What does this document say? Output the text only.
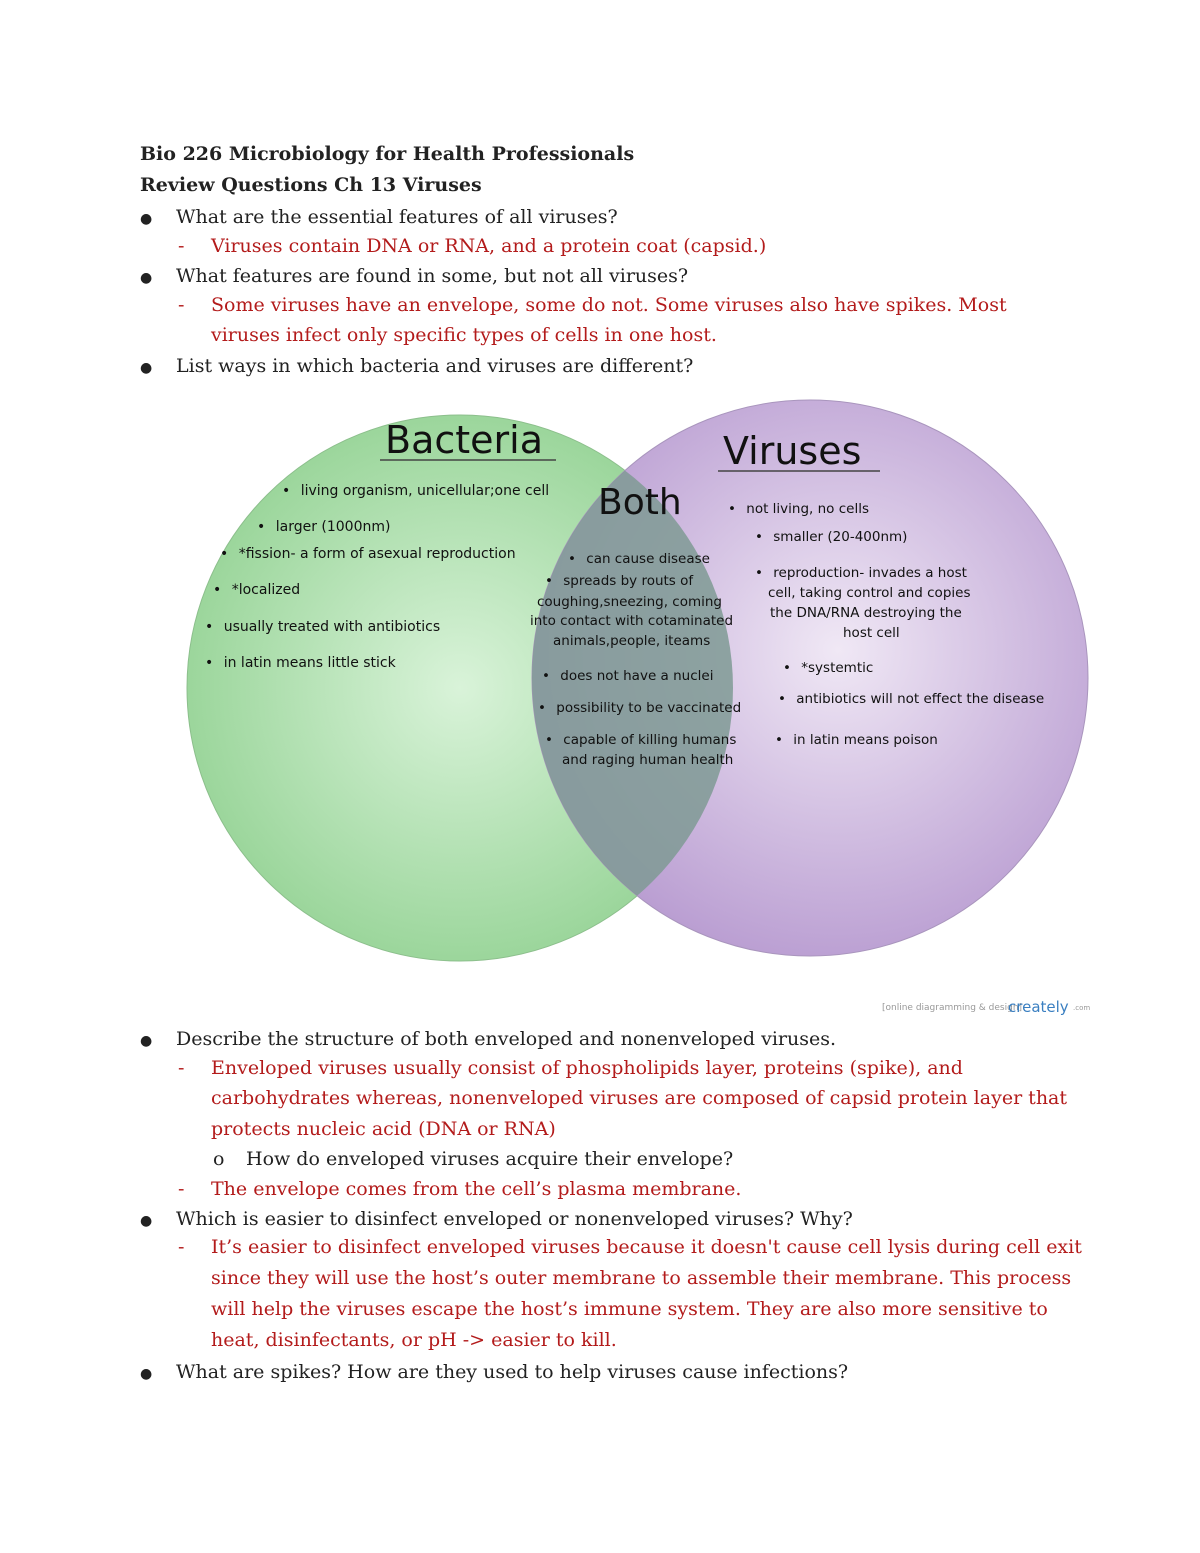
Bio 226 Microbiology for Health Professionals
Review Questions Ch 13 Viruses
● What are the essential features of all viruses?
- Viruses contain DNA or RNA, and a protein coat (capsid.)
● What features are found in some, but not all viruses?
- Some viruses have an envelope, some do not. Some viruses also have spikes. Most
viruses infect only specific types of cells in one host.
● List ways in which bacteria and viruses are different?
Bacteria	Viruses
Both
• living organism, unicellular;one cell
• larger (1000nm)
• *fission- a form of asexual reproduction
• *localized
• usually treated with antibiotics
• in latin means little stick
• can cause disease
• spreads by routs of
coughing,sneezing, coming
into contact with cotaminated
animals,people, iteams
• does not have a nuclei
• possibility to be vaccinated
• capable of killing humans
and raging human health
• not living, no cells
• smaller (20-400nm)
• reproduction- invades a host
cell, taking control and copies
the DNA/RNA destroying the
host cell
• *systemtic
• antibiotics will not effect the disease
• in latin means poison
[online diagramming & design]
creately .com
● Describe the structure of both enveloped and nonenveloped viruses.
- Enveloped viruses usually consist of phospholipids layer, proteins (spike), and
carbohydrates whereas, nonenveloped viruses are composed of capsid protein layer that
protects nucleic acid (DNA or RNA)
o How do enveloped viruses acquire their envelope?
- The envelope comes from the cell’s plasma membrane.
● Which is easier to disinfect enveloped or nonenveloped viruses? Why?
- It’s easier to disinfect enveloped viruses because it doesn't cause cell lysis during cell exit
since they will use the host’s outer membrane to assemble their membrane. This process
will help the viruses escape the host’s immune system. They are also more sensitive to
heat, disinfectants, or pH -> easier to kill.
● What are spikes? How are they used to help viruses cause infections?
